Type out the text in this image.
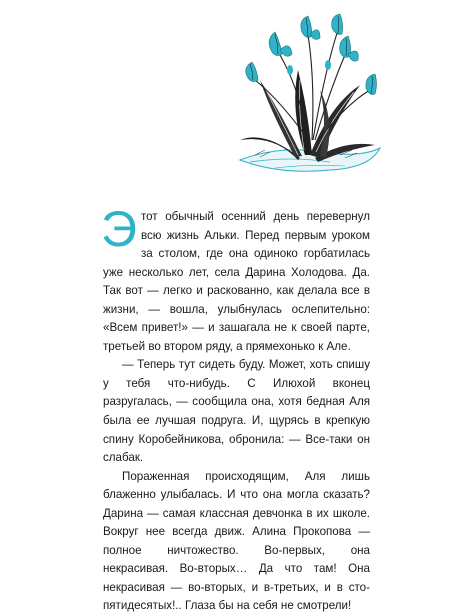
Этот обычный осенний день перевернул всю жизнь Альки. Перед первым уроком за столом, где она одиноко горбатилась уже несколько лет, села Дарина Холодова. Да. Так вот — легко и раскованно, как делала все в жизни, — вошла, улыбнулась ослепительно: «Всем привет!» — и зашагала не к своей парте, третьей во втором ряду, а прямехонько к Але.

— Теперь тут сидеть буду. Может, хоть спишу у тебя что-нибудь. С Илюхой вконец разругалась, — сообщила она, хотя бедная Аля была ее лучшая подруга. И, щурясь в крепкую спину Коробейникова, обронила: — Все-таки он слабак.

Пораженная происходящим, Аля лишь блаженно улыбалась. И что она могла сказать? Дарина — самая классная девчонка в их школе. Вокруг нее всегда движ. Алина Прокопова — полное ничтожество. Во-первых, она некрасивая. Во-вторых… Да что там! Она некрасивая — во-вторых, и в-третьих, и в сто-пятидесятых!.. Глаза бы на себя не смотрели!
